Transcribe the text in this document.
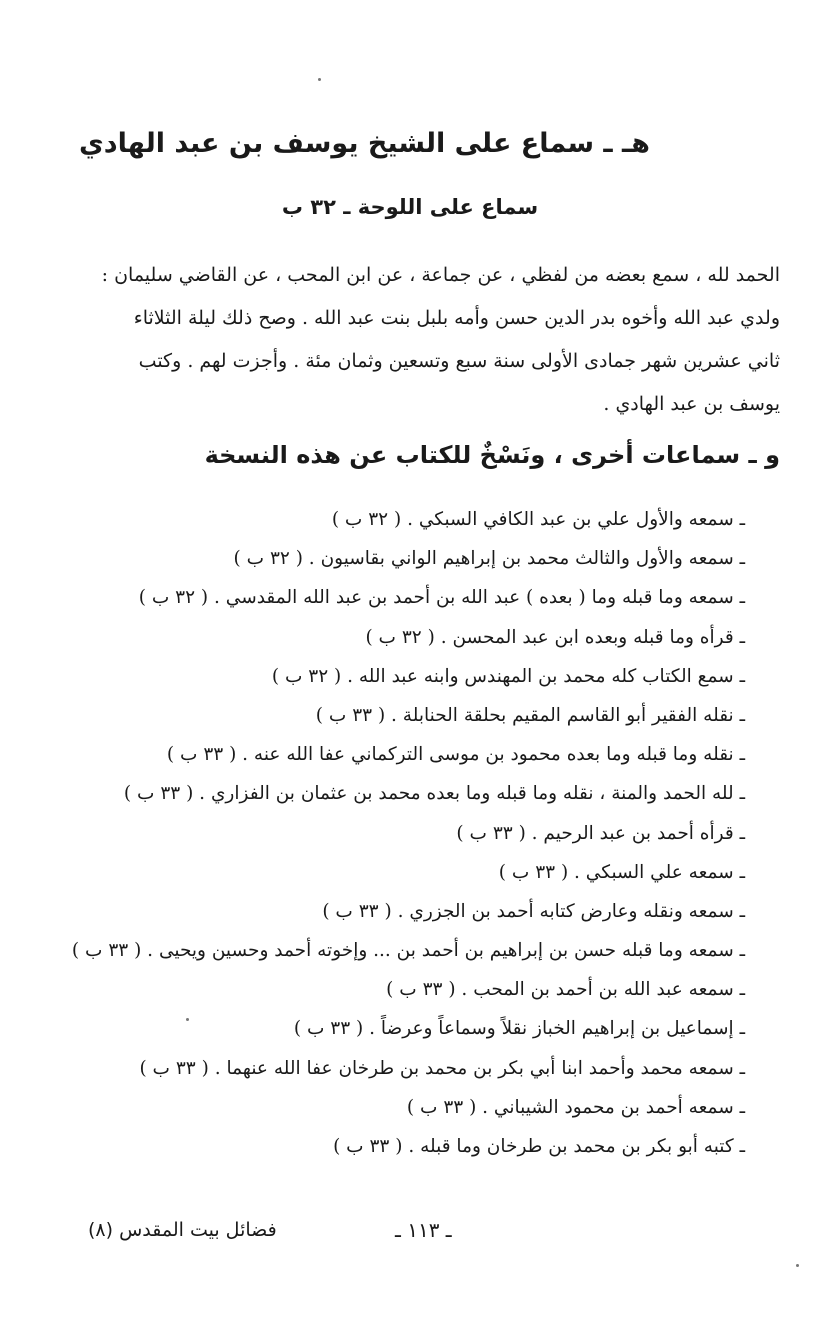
هـ ـ سماع على الشيخ يوسف بن عبد الهادي
سماع على اللوحة ـ ٣٢ ب
الحمد لله ، سمع بعضه من لفظي ، عن جماعة ، عن ابن المحب ، عن القاضي سليمان :
ولدي عبد الله وأخوه بدر الدين حسن وأمه بلبل بنت عبد الله . وصح ذلك ليلة الثلاثاء
ثاني عشرين شهر جمادى الأولى سنة سبع وتسعين وثمان مئة . وأجزت لهم . وكتب
يوسف بن عبد الهادي .
و ـ سماعات أخرى ، ونَسْخٌ للكتاب عن هذه النسخة
ـ سمعه والأول علي بن عبد الكافي السبكي . ( ٣٢ ب )
ـ سمعه والأول والثالث محمد بن إبراهيم الواني بقاسيون . ( ٣٢ ب )
ـ سمعه وما قبله وما ( بعده ) عبد الله بن أحمد بن عبد الله المقدسي . ( ٣٢ ب )
ـ قرأه وما قبله وبعده ابن عبد المحسن . ( ٣٢ ب )
ـ سمع الكتاب كله محمد بن المهندس وابنه عبد الله . ( ٣٢ ب )
ـ نقله الفقير أبو القاسم المقيم بحلقة الحنابلة . ( ٣٣ ب )
ـ نقله وما قبله وما بعده محمود بن موسى التركماني عفا الله عنه . ( ٣٣ ب )
ـ لله الحمد والمنة ، نقله وما قبله وما بعده محمد بن عثمان بن الفزاري . ( ٣٣ ب )
ـ قرأه أحمد بن عبد الرحيم . ( ٣٣ ب )
ـ سمعه علي السبكي . ( ٣٣ ب )
ـ سمعه ونقله وعارض كتابه أحمد بن الجزري . ( ٣٣ ب )
ـ سمعه وما قبله حسن بن إبراهيم بن أحمد بن ... وإخوته أحمد وحسين ويحيى . ( ٣٣ ب )
ـ سمعه عبد الله بن أحمد بن المحب . ( ٣٣ ب )
ـ إسماعيل بن إبراهيم الخباز نقلاً وسماعاً وعرضاً . ( ٣٣ ب )
ـ سمعه محمد وأحمد ابنا أبي بكر بن محمد بن طرخان عفا الله عنهما . ( ٣٣ ب )
ـ سمعه أحمد بن محمود الشيباني . ( ٣٣ ب )
ـ كتبه أبو بكر بن محمد بن طرخان وما قبله . ( ٣٣ ب )
فضائل بيت المقدس (٨)	ـ ١١٣ ـ
